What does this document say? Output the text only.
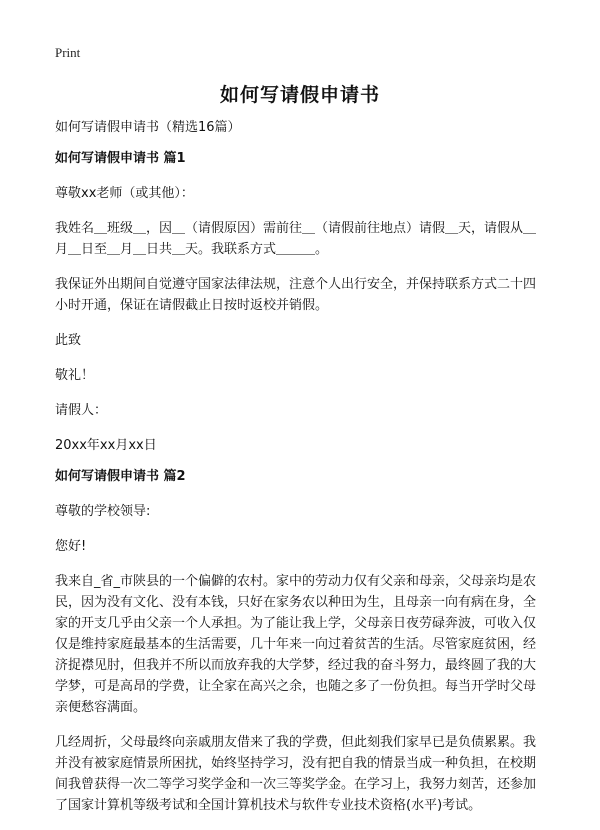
Print
如何写请假申请书

如何写请假申请书（精选16篇）

如何写请假申请书 篇1

尊敬xx老师（或其他）：

我姓名＿班级＿，因＿（请假原因）需前往＿（请假前往地点）请假＿天，请假从＿月＿日至＿月＿日共＿天。我联系方式＿＿＿。

我保证外出期间自觉遵守国家法律法规，注意个人出行安全，并保持联系方式二十四小时开通，保证在请假截止日按时返校并销假。

此致

敬礼！

请假人：

20xx年xx月xx日

如何写请假申请书 篇2

尊敬的学校领导:

您好!

我来自_省_市陕县的一个偏僻的农村。家中的劳动力仅有父亲和母亲，父母亲均是农民，因为没有文化、没有本钱，只好在家务农以种田为生，且母亲一向有病在身，全家的开支几乎由父亲一个人承担。为了能让我上学，父母亲日夜劳碌奔波，可收入仅仅是维持家庭最基本的生活需要，几十年来一向过着贫苦的生活。尽管家庭贫困，经济捉襟见肘，但我并不所以而放弃我的大学梦，经过我的奋斗努力，最终圆了我的大学梦，可是高昂的学费，让全家在高兴之余，也随之多了一份负担。每当开学时父母亲便愁容满面。

几经周折，父母最终向亲戚朋友借来了我的学费，但此刻我们家早已是负债累累。我并没有被家庭情景所困扰，始终坚持学习，没有把自我的情景当成一种负担，在校期间我曾获得一次二等学习奖学金和一次三等奖学金。在学习上，我努力刻苦，还参加了国家计算机等级考试和全国计算机技术与软件专业技术资格(水平)考试。
